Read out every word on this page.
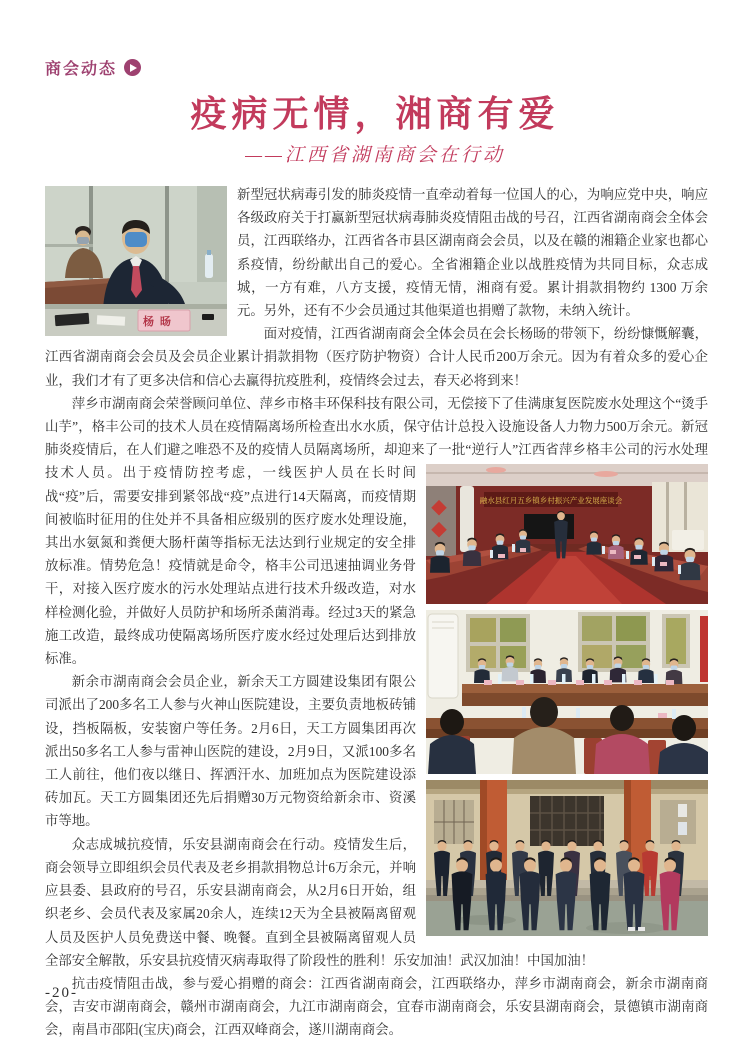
商会动态
疫病无情，湘商有爱
——江西省湖南商会在行动

杨旸
新型冠状病毒引发的肺炎疫情一直牵动着每一位国人的心，为响应党中央，响应各级政府关于打赢新型冠状病毒肺炎疫情阻击战的号召，江西省湖南商会全体会员，江西联络办，江西省各市县区湖南商会会员，以及在赣的湘籍企业家也都心系疫情，纷纷献出自己的爱心。全省湘籍企业以战胜疫情为共同目标，众志成城，一方有难，八方支援，疫情无情，湘商有爱。累计捐款捐物约 1300 万余元。另外，还有不少会员通过其他渠道也捐赠了款物，未纳入统计。

面对疫情，江西省湖南商会全体会员在会长杨旸的带领下，纷纷慷慨解囊，江西省湖南商会会员及会员企业累计捐款捐物（医疗防护物资）合计人民币200万余元。因为有着众多的爱心企业，我们才有了更多决信和信心去赢得抗疫胜利，疫情终会过去，春天必将到来！

萍乡市湖南商会荣誉顾问单位、萍乡市格丰环保科技有限公司，无偿接下了佳满康复医院废水处理这个“烫手山芋”，格丰公司的技术人员在疫情隔离场所检查出水水质，保守估计总投入设施设备人力物力500万余元。新冠肺炎疫情后，在人们避之唯恐不及的疫情人员隔离场所，却迎来了一批“逆行人”江西省萍乡格丰公司的污水处理技术人员。出于
融水县红月五乡镇乡村振兴产业发展座谈会
疫情防控考虑，一线医护人员在长时间战“疫”后，需要安排到紧邻战“疫”点进行14天隔离，而疫情期间被临时征用的住处并不具备相应级别的医疗废水处理设施，其出水氨氮和粪便大肠杆菌等指标无法达到行业规定的安全排放标准。情势危急！疫情就是命令，格丰公司迅速抽调业务骨干，对接入医疗废水的污水处理站点进行技术升级改造，对水样检测化验，并做好人员防护和场所杀菌消毒。经过3天的紧急施工改造，最终成功使隔离场所医疗废水经过处理后达到排放标准。

新余市湖南商会会员企业，新余天工方圆建设集团有限公司派出了200多名工人参与火神山医院建设，主要负责地板砖铺设，挡板隔板，安装窗户等任务。2月6日，天工方圆集团再次派出50多名工人参与雷神山医院的建设，2月9日，又派100多名工人前往，他们夜以继日、挥洒汗水、加班加点为医院建设添砖加瓦。天工方圆集团还先后捐赠30万元物资给新余市、资溪市等地。

众志成城抗疫情，乐安县湖南商会在行动。疫情发生后，商会领导立即组织会员代表及老乡捐款捐物总计6万余元，并响应县委、县政府的号召，乐安县湖南商会，从2月6日开始，组织老乡、会员代表及家属20余人，连续12天为全县被隔离留观人员及医护人员免费送中餐、晚餐。直到全县被隔离留观人员全部安全解散，乐安县抗疫情灭病毒取得了阶段性的胜利！乐安加油！武汉加油！中国加油！

抗击疫情阻击战，参与爱心捐赠的商会：江西省湖南商会，江西联络办，萍乡市湖南商会，新余市湖南商会，吉安市湖南商会，赣州市湖南商会，九江市湖南商会，宜春市湖南商会，乐安县湖南商会，景德镇市湖南商会，南昌市邵阳(宝庆)商会，江西双峰商会，遂川湖南商会。

-20-
